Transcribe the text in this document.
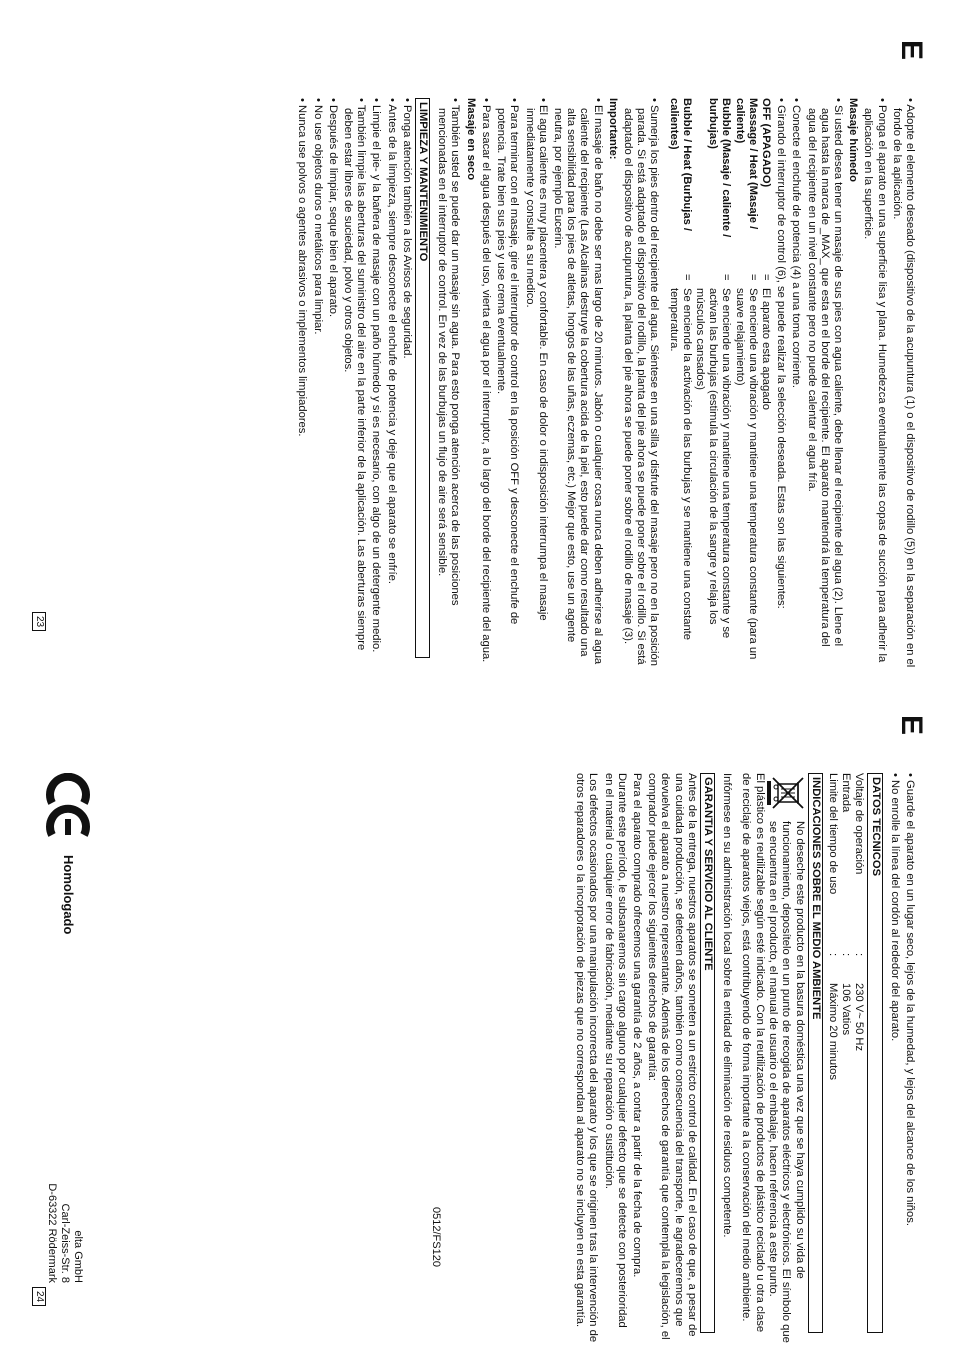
E

• Adopte el elemento deseado (dispositivo de la acupuntura (1) o el dispositivo de rodillo (5)) en la separación en el fondo de la aplicación.

• Ponga el aparato en una superficie lisa y plana. Humedezca eventualmente las copas de succión para adherir la aplicación en la superficie.

Masaje húmedo

• Si usted desea tener un masaje de sus pies con agua caliente, debe llenar el recipiente del agua (2). Llene el agua hasta la marca de _MAX_ que esta en el borde del recipiente. El aparato mantendrá la temperatura del agua del recipiente en un nivel constante pero no puede calentar el agua fría.

• Conecte el enchufe de potencia (4) a una toma corriente.

• Girando el interruptor de control (6), se puede realizar la selección deseada. Estas son las siguientes:

OFF (APAGADO)
=
El aparato esta apagado
Massage / Heat (Masaje / caliente)
=
Se enciende una vibración y mantiene una temperatura constante (para un suave relajamiento)
Bubble (Masaje / caliente / burbujas)
=
Se enciende una vibración y mantiene una temperatura constante y se activan las burbujas (estimula la circulación de la sangre y relaja los músculos cansados)
Bubble / Heat (Burbujas / calientes)
=
Se enciende la activación de las burbujas y se mantiene una constante temperatura.

• Sumerja los pies dentro del recipiente del agua. Siéntese en una silla y disfrute del masaje pero no en la posición parada. Si está adaptado el dispositivo del rodillo, la planta del pie ahora se puede poner sobre el rodillo. Si está adaptado el dispositivo de acupuntura, la planta del pie ahora se puede poner sobre el rodillo de masaje (3).

Importante:

• El masaje de baño no debe ser mas largo de 20 minutos. Jabón o cualquier cosa nunca deben adherirse al agua caliente del recipiente (Las Alcalinas destruye la cobertura acida de la piel, esto puede dar como resultado una alta sensibilidad para los pies de atletas, hongos de las uñas, eczemas, etc.) Mejor que esto, use un agente neutra, por ejemplo Eucerin.

• El agua caliente es muy placentera y confortable. En caso de dolor o indisposición interrumpa el masaje inmediatamente y consulte a su medico.

• Para terminar con el masaje, gire el interruptor de control en la posición OFF y desconecte el enchufe de potencia. Trate bien sus pies y use crema eventualmente.

• Para sacar el agua después del uso, vierta el agua por el interruptor, a lo largo del borde del recipiente del agua.

Masaje en seco

• También usted se puede dar un masaje sin agua. Para esto ponga atención acerca de las posiciones mencionadas en el interruptor de control. En vez de las burbujas un flujo de aire será sensible.

LIMPIEZA Y MANTENIMIENTO

• Ponga atención también a los Avisos de seguridad.

• Antes de la limpieza, siempre desconecte el enchufe de potencia y deje que el aparato se enfríe.

• Limpie el pie- y la bañera de masaje con un paño húmedo y si es necesario, con algo de un detergente medio.

• También limpie las aberturas del suministro del aire en la parte inferior de la aplicación. Las aberturas siempre deben estar libres de suciedad, polvo y otros objetos.

• Después de limpiar, seque bien el aparato.

• No use objetos duros o metálicos para limpiar.

• Nunca use polvos o agentes abrasivos o implementos limpiadores.

23
E

• Guarde el aparato en un lugar seco, lejos de la humedad, y lejos del alcance de los niños.

• No enrolle la línea del cordón al rededor del aparato.

DATOS TECNICOS
Voltaje de operación
:
230 V~ 50 Hz
Entrada
:
106 Vatios
Limite del tiempo de uso
:
Máximo 20 minutos
INDICACIONES SOBRE EL MEDIO AMBIENTE

No deseche este producto en la basura doméstica una vez que se haya cumplido su vida de funcionamiento, deposítelo en un punto de recogida de aparatos eléctricos y electrónicos. El símbolo que se encuentra en el producto, el manual de usuario o el embalaje, hacen referencia a este punto.

El plástico es reutilizable según esté indicado. Con la reutilización de productos de plástico reciclado u otra clase de reciclaje de aparatos viejos, está contribuyendo de forma importante a la conservación del medio ambiente.

Infórmese en su administración local sobre la entidad de eliminación de residuos competente.

GARANTIA Y SERVICIO AL CLIENTE

Antes de la entrega, nuestros aparatos se someten a un estricto control de calidad. En el caso de que, a pesar de una cuidada producción, se detecten daños, también como consecuencia del transporte, le agradeceremos que devuelva el aparato a nuestro representante. Además de los derechos de garantía que contempla la legislación, el comprador puede ejercer los siguientes derechos de garantía:

Para el aparato comprado ofrecemos una garantía de 2 años, a contar a partir de la fecha de compra.

Durante este período, le subsanaremos sin cargo alguno por cualquier defecto que se detecte con posterioridad en el material o cualquier error de fabricación, mediante su reparación o sustitución.

Los defectos ocasionados por una manipulación incorrecta del aparato y los que se originen tras la intervención de otros reparadores o la incorporación de piezas que no correspondan al aparato no se incluyen en esta garantía.

0512/FS120
Homologado
elta GmbH
Carl-Zeiss-Str. 8
D-63322 Rödermark
24
